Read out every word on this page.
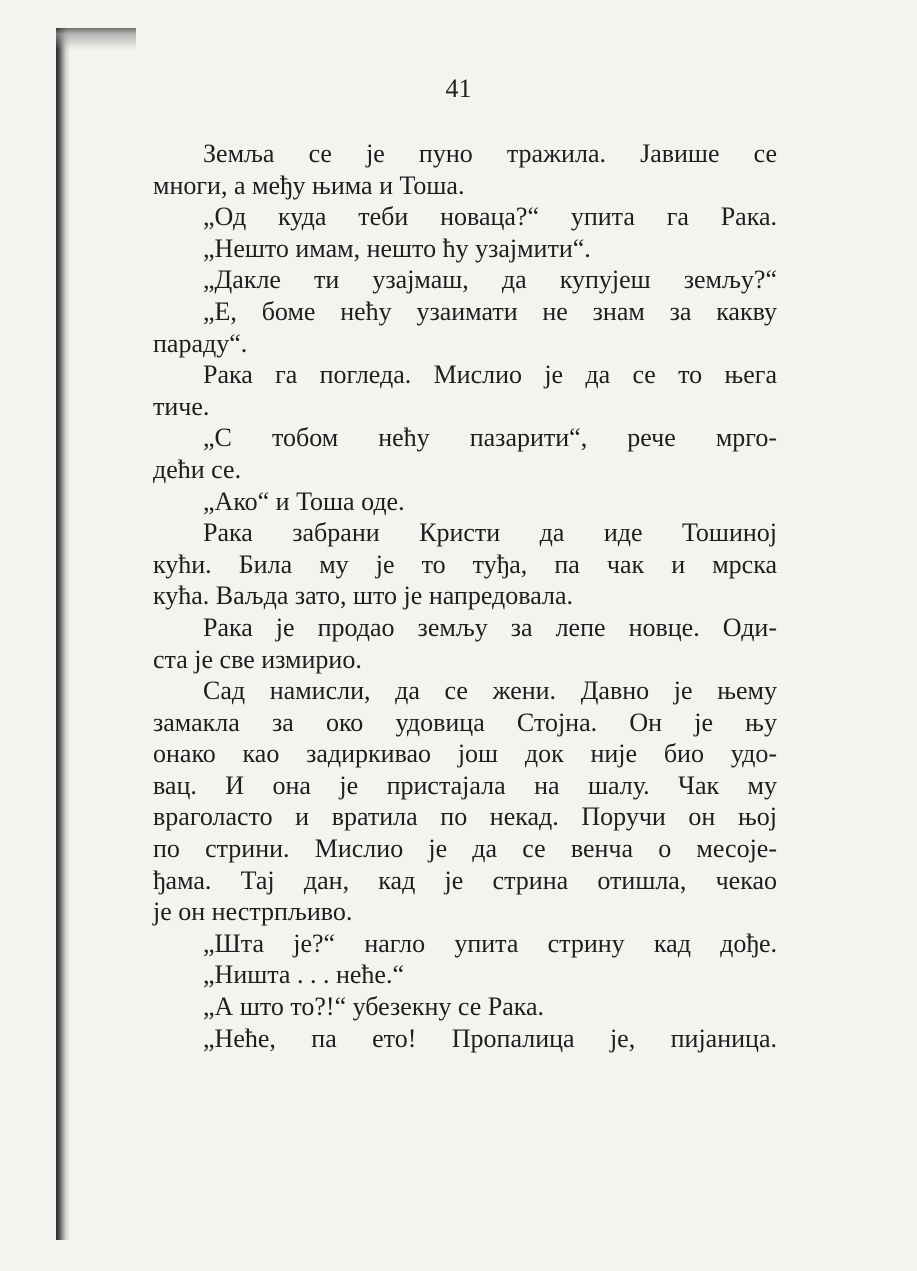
41
Земља се је пуно тражила. Јавише се
многи, а међу њима и Тоша.
„Од куда теби новаца?“ упита га Рака.
„Нешто имам, нешто ћу узајмити“.
„Дакле ти узајмаш, да купујеш земљу?“
„Е, боме нећу узаимати не знам за какву
параду“.
Рака га погледа. Мислио је да се то њега
тиче.
„С тобом нећу пазарити“, рече мрго-
дећи се.
„Ако“ и Тоша оде.
Рака забрани Кристи да иде Тошиној
кући. Била му је то туђа, па чак и мрска
кућа. Ваљда зато, што је напредовала.
Рака је продао земљу за лепе новце. Оди-
ста је све измирио.
Сад намисли, да се жени. Давно је њему
замакла за око удовица Стојна. Он је њу
онако као задиркивао још док није био удо-
вац. И она је пристајала на шалу. Чак му
враголасто и вратила по некад. Поручи он њој
по стрини. Мислио је да се венча о месоје-
ђама. Тај дан, кад је стрина отишла, чекао
је он нестрпљиво.
„Шта је?“ нагло упита стрину кад дође.
„Ништа . . . неће.“
„А што то?!“ убезекну се Рака.
„Неће, па ето! Пропалица је, пијаница.
